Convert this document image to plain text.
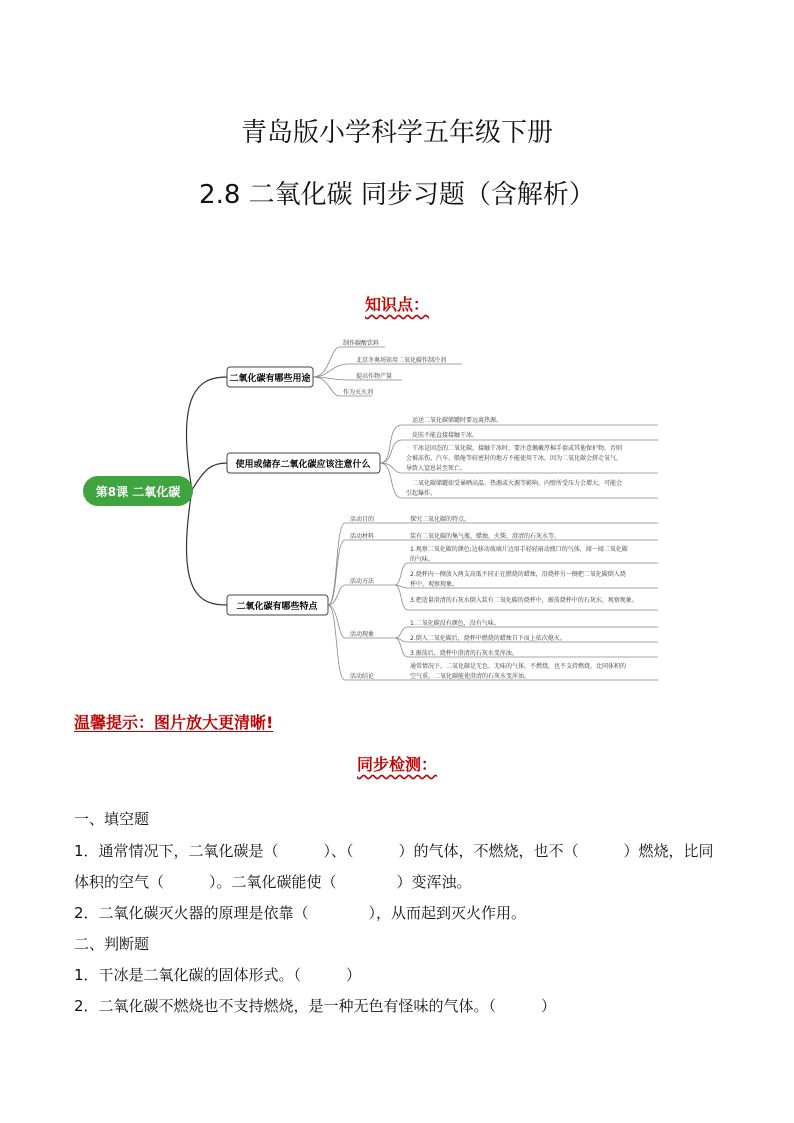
青岛版小学科学五年级下册
2.8 二氧化碳 同步习题（含解析）
知识点：
第8课 二氧化碳
二氧化碳有哪些用途
使用或储存二氧化碳应该注意什么
二氧化碳有哪些特点
制作碳酸饮料
北京冬奥场馆用二氧化碳作制冷剂
提高作物产量
作为灭火剂
运送二氧化碳储罐时要远离热源。
皮肤不能直接接触干冰。
干冰是固态的二氧化碳。接触干冰时，要注意佩戴厚棉手套或其他保护物。否则
会被冻伤。汽车、船舱等较密封的地方不能使用干冰，因为二氧化碳会挤走氧气，
导致人窒息甚至死亡。
二氧化碳储罐如受暴晒高温、热源或火源等影响，内壁所受压力会增大，可能会
引起爆炸。
活动目的
活动材料
活动方法
活动现象
活动结论
探究二氧化碳的特点。
装有二氧化碳的集气瓶、蜡烛、火柴、澄清的石灰水等。
1.观察二氧化碳的颜色;边移动玻璃片边用手轻轻扇动瓶口的气体，闻一闻二氧化碳
的气味。
2.烧杯内一侧放入两支高低不同正在燃烧的蜡烛，沿烧杯另一侧把二氧化碳倒入烧
杯中，观察现象。
3.把适量澄清的石灰水倒入装有二氧化碳的烧杯中，振荡烧杯中的石灰水，观察现象。
1.二氧化碳没有颜色，没有气味。
2.倒入二氧化碳后，烧杯中燃烧的蜡烛自下而上依次熄灭。
3.振荡后，烧杯中澄清的石灰水变浑浊。
通常情况下，二氧化碳是无色、无味的气体，不燃烧，也不支持燃烧，比同体积的
空气重，二氧化碳能使澄清的石灰水变浑浊。
温馨提示：图片放大更清晰!
同步检测：
一、填空题
1．通常情况下，二氧化碳是（　　　）、（　　　）的气体，不燃烧，也不（　　　）燃烧，比同
体积的空气（　　　）。二氧化碳能使（　　　　）变浑浊。
2．二氧化碳灭火器的原理是依靠（　　　　），从而起到灭火作用。
二、判断题
1．干冰是二氧化碳的固体形式。（　　　）
2．二氧化碳不燃烧也不支持燃烧，是一种无色有怪味的气体。（　　　）
